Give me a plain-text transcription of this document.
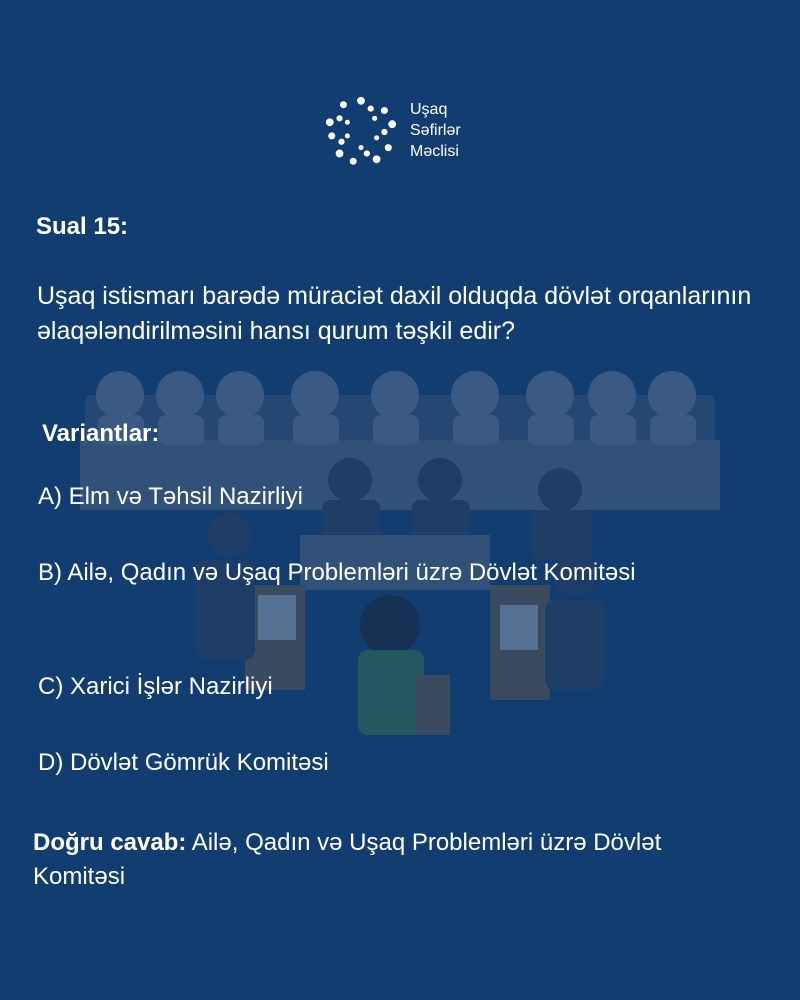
Uşaq
Səfirlər
Məclisi
Sual 15:
Uşaq istismarı barədə müraciət daxil olduqda dövlət orqanlarının əlaqələndirilməsini hansı qurum təşkil edir?
Variantlar:
A) Elm və Təhsil Nazirliyi
B) Ailə, Qadın və Uşaq Problemləri üzrə Dövlət Komitəsi
C) Xarici İşlər Nazirliyi
D) Dövlət Gömrük Komitəsi
Doğru cavab: Ailə, Qadın və Uşaq Problemləri üzrə Dövlət Komitəsi
